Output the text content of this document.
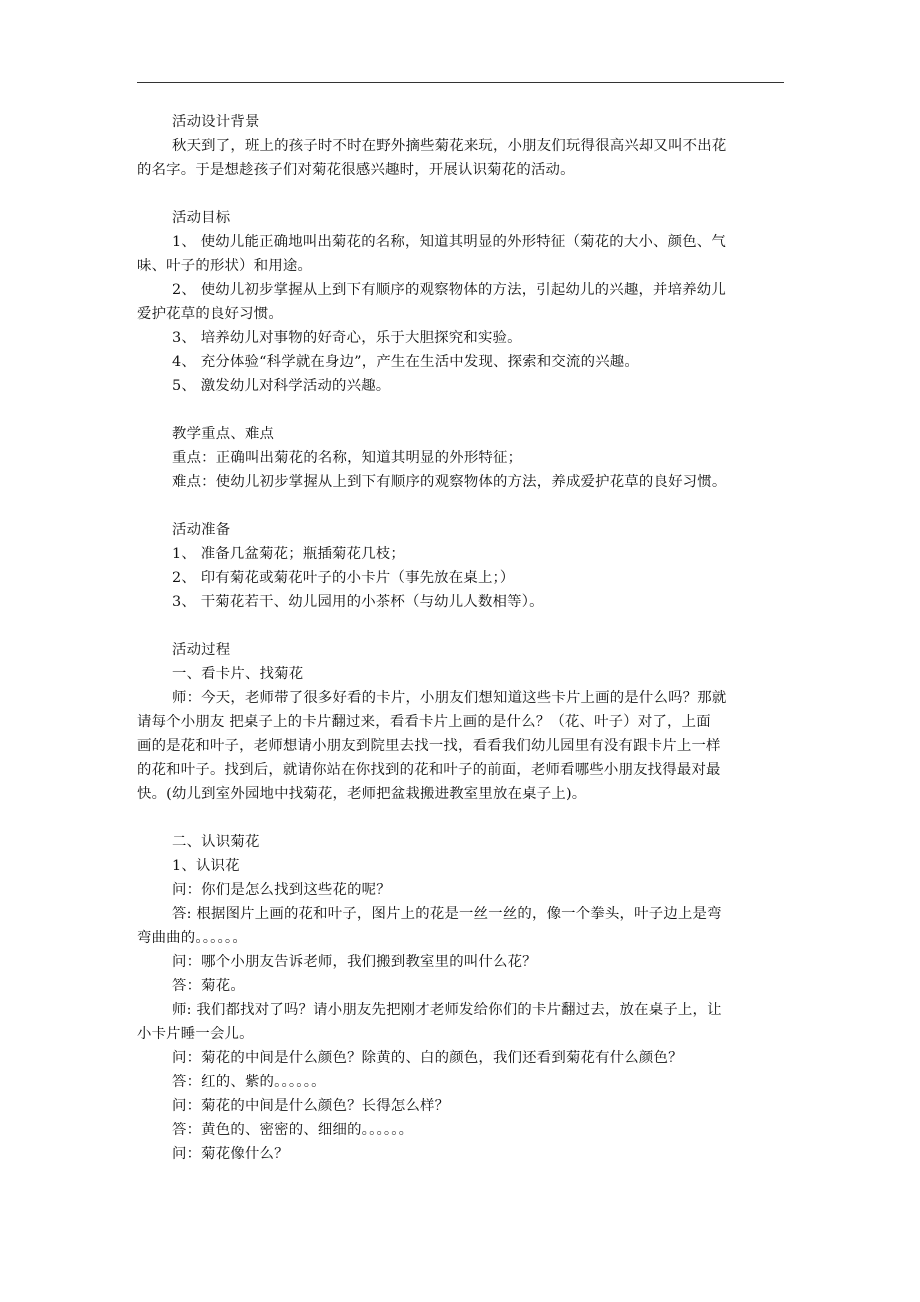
活动设计背景

秋天到了，班上的孩子时不时在野外摘些菊花来玩，小朋友们玩得很高兴却又叫不出花

的名字。于是想趁孩子们对菊花很感兴趣时，开展认识菊花的活动。

活动目标

1、 使幼儿能正确地叫出菊花的名称，知道其明显的外形特征（菊花的大小、颜色、气

味、叶子的形状）和用途。

2、 使幼儿初步掌握从上到下有顺序的观察物体的方法，引起幼儿的兴趣，并培养幼儿

爱护花草的良好习惯。

3、 培养幼儿对事物的好奇心，乐于大胆探究和实验。

4、 充分体验“科学就在身边”，产生在生活中发现、探索和交流的兴趣。

5、 激发幼儿对科学活动的兴趣。

教学重点、难点

重点：正确叫出菊花的名称，知道其明显的外形特征；

难点：使幼儿初步掌握从上到下有顺序的观察物体的方法，养成爱护花草的良好习惯。

活动准备

1、 准备几盆菊花；瓶插菊花几枝；

2、 印有菊花或菊花叶子的小卡片（事先放在桌上；）

3、 干菊花若干、幼儿园用的小茶杯（与幼儿人数相等）。

活动过程

一、看卡片、找菊花

师：今天，老师带了很多好看的卡片，小朋友们想知道这些卡片上画的是什么吗？那就

请每个小朋友 把桌子上的卡片翻过来，看看卡片上画的是什么？（花、叶子）对了，上面

画的是花和叶子，老师想请小朋友到院里去找一找，看看我们幼儿园里有没有跟卡片上一样

的花和叶子。找到后，就请你站在你找到的花和叶子的前面，老师看哪些小朋友找得最对最

快。(幼儿到室外园地中找菊花，老师把盆栽搬进教室里放在桌子上)。

二、认识菊花

1、认识花

问：你们是怎么找到这些花的呢？

答: 根据图片上画的花和叶子，图片上的花是一丝一丝的，像一个拳头，叶子边上是弯

弯曲曲的。。。。。。

问：哪个小朋友告诉老师，我们搬到教室里的叫什么花？

答：菊花。

师: 我们都找对了吗？请小朋友先把刚才老师发给你们的卡片翻过去，放在桌子上，让

小卡片睡一会儿。

问：菊花的中间是什么颜色？除黄的、白的颜色，我们还看到菊花有什么颜色？

答：红的、紫的。。。。。。

问：菊花的中间是什么颜色？长得怎么样？

答：黄色的、密密的、细细的。。。。。。

问：菊花像什么？
